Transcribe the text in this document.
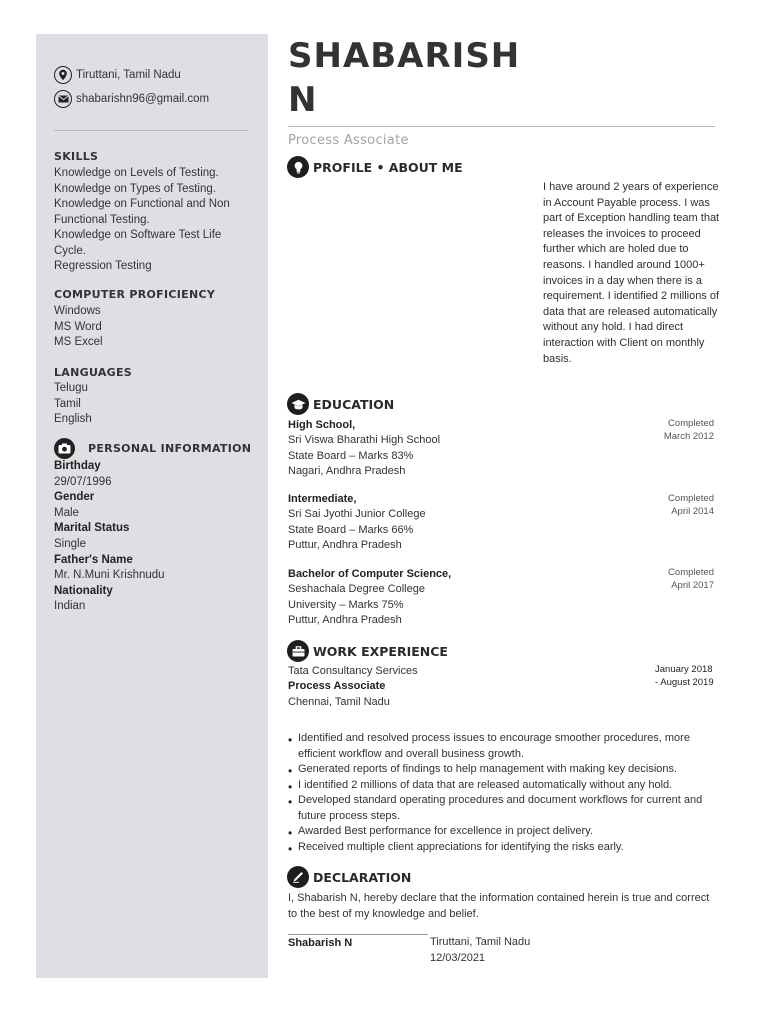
Tiruttani, Tamil Nadu
shabarishn96@gmail.com
SKILLS
Knowledge on Levels of Testing.
Knowledge on Types of Testing.
Knowledge on Functional and Non Functional Testing.
Knowledge on Software Test Life Cycle.
Regression Testing
COMPUTER PROFICIENCY
Windows
MS Word
MS Excel
LANGUAGES
Telugu
Tamil
English
PERSONAL INFORMATION
Birthday
29/07/1996
Gender
Male
Marital Status
Single
Father's Name
Mr. N.Muni Krishnudu
Nationality
Indian
SHABARISH N
Process Associate
PROFILE • ABOUT ME

I have around 2 years of experience in Account Payable process. I was part of Exception handling team that releases the invoices to proceed further which are holed due to reasons. I handled around 1000+ invoices in a day when there is a requirement. I identified 2 millions of data that are released automatically without any hold. I had direct interaction with Client on monthly basis.

EDUCATION
High School,
Sri Viswa Bharathi High School
State Board – Marks 83%
Nagari, Andhra Pradesh
Completed
March 2012
Intermediate,
Sri Sai Jyothi Junior College
State Board – Marks 66%
Puttur, Andhra Pradesh
Completed
April 2014
Bachelor of Computer Science,
Seshachala Degree College
University – Marks 75%
Puttur, Andhra Pradesh
Completed
April 2017
WORK EXPERIENCE
Tata Consultancy Services
Process Associate
Chennai, Tamil Nadu
January 2018
- August 2019
• Identified and resolved process issues to encourage smoother procedures, more efficient workflow and overall business growth.
• Generated reports of findings to help management with making key decisions.
• I identified 2 millions of data that are released automatically without any hold.
• Developed standard operating procedures and document workflows for current and future process steps.
• Awarded Best performance for excellence in project delivery.
• Received multiple client appreciations for identifying the risks early.
DECLARATION

I, Shabarish N, hereby declare that the information contained herein is true and correct to the best of my knowledge and belief.

Shabarish N	Tiruttani, Tamil Nadu
12/03/2021
